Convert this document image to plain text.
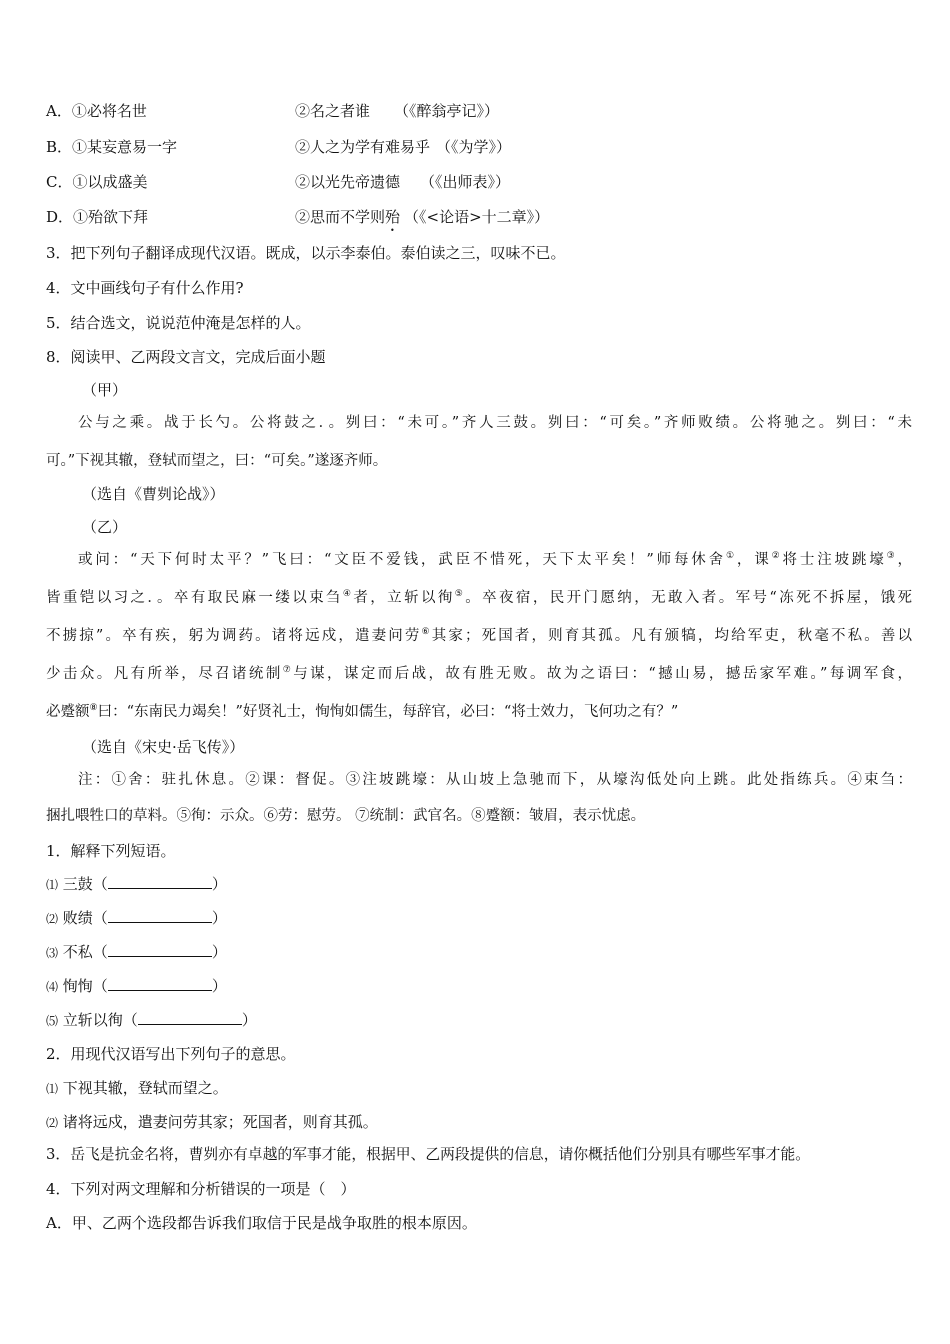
A．①必将名世	②名之者谁 （《醉翁亭记》）
B．①某妄意易一字	②人之为学有难易乎 （《为学》）
C．①以成盛美	②以光先帝遗德 （《出师表》）
D．①殆欲下拜	②思而不学则殆 （《<论语>十二章》）
3．把下列句子翻译成现代汉语。既成，以示李泰伯。泰伯读之三，叹味不已。
4．文中画线句子有什么作用?
5．结合选文，说说范仲淹是怎样的人。
8．阅读甲、乙两段文言文，完成后面小题
（甲）
公与之乘。战于长勺。公将鼓之．。刿曰：“未可。”齐人三鼓。刿曰：“可矣。”齐师败绩。公将驰之。刿曰：“未
可。”下视其辙，登轼而望之，曰：“可矣。”遂逐齐师。
（选自《曹刿论战》）
（乙）
或问：“天下何时太平？”飞曰：“文臣不爱钱，武臣不惜死，天下太平矣！”师每休舍①，课②将士注坡跳壕③，
皆重铠以习之．。卒有取民麻一缕以束刍④者，立斩以徇⑤。卒夜宿，民开门愿纳，无敢入者。军号“冻死不拆屋，饿死
不掳掠”。卒有疾，躬为调药。诸将远戍，遣妻问劳⑥其家；死国者，则育其孤。凡有颁犒，均给军吏，秋毫不私。善以
少击众。凡有所举，尽召诸统制⑦与谋，谋定而后战，故有胜无败。故为之语曰：“撼山易，撼岳家军难。”每调军食，
必蹙额⑧曰：“东南民力竭矣！”好贤礼士，恂恂如儒生，每辞官，必曰：“将士效力，飞何功之有？”
（选自《宋史·岳飞传》）
注：①舍：驻扎休息。②课：督促。③注坡跳壕：从山坡上急驰而下，从壕沟低处向上跳。此处指练兵。④束刍：
捆扎喂牲口的草料。⑤徇：示众。⑥劳：慰劳。 ⑦统制：武官名。⑧蹙额：皱眉，表示忧虑。
1．解释下列短语。
⑴ 三鼓（	）
⑵ 败绩（	）
⑶ 不私（	）
⑷ 恂恂（	）
⑸ 立斩以徇（	）
2．用现代汉语写出下列句子的意思。
⑴ 下视其辙，登轼而望之。
⑵ 诸将远戍，遣妻问劳其家；死国者，则育其孤。
3．岳飞是抗金名将，曹刿亦有卓越的军事才能，根据甲、乙两段提供的信息，请你概括他们分别具有哪些军事才能。
4．下列对两文理解和分析错误的一项是（　）
A．甲、乙两个选段都告诉我们取信于民是战争取胜的根本原因。
